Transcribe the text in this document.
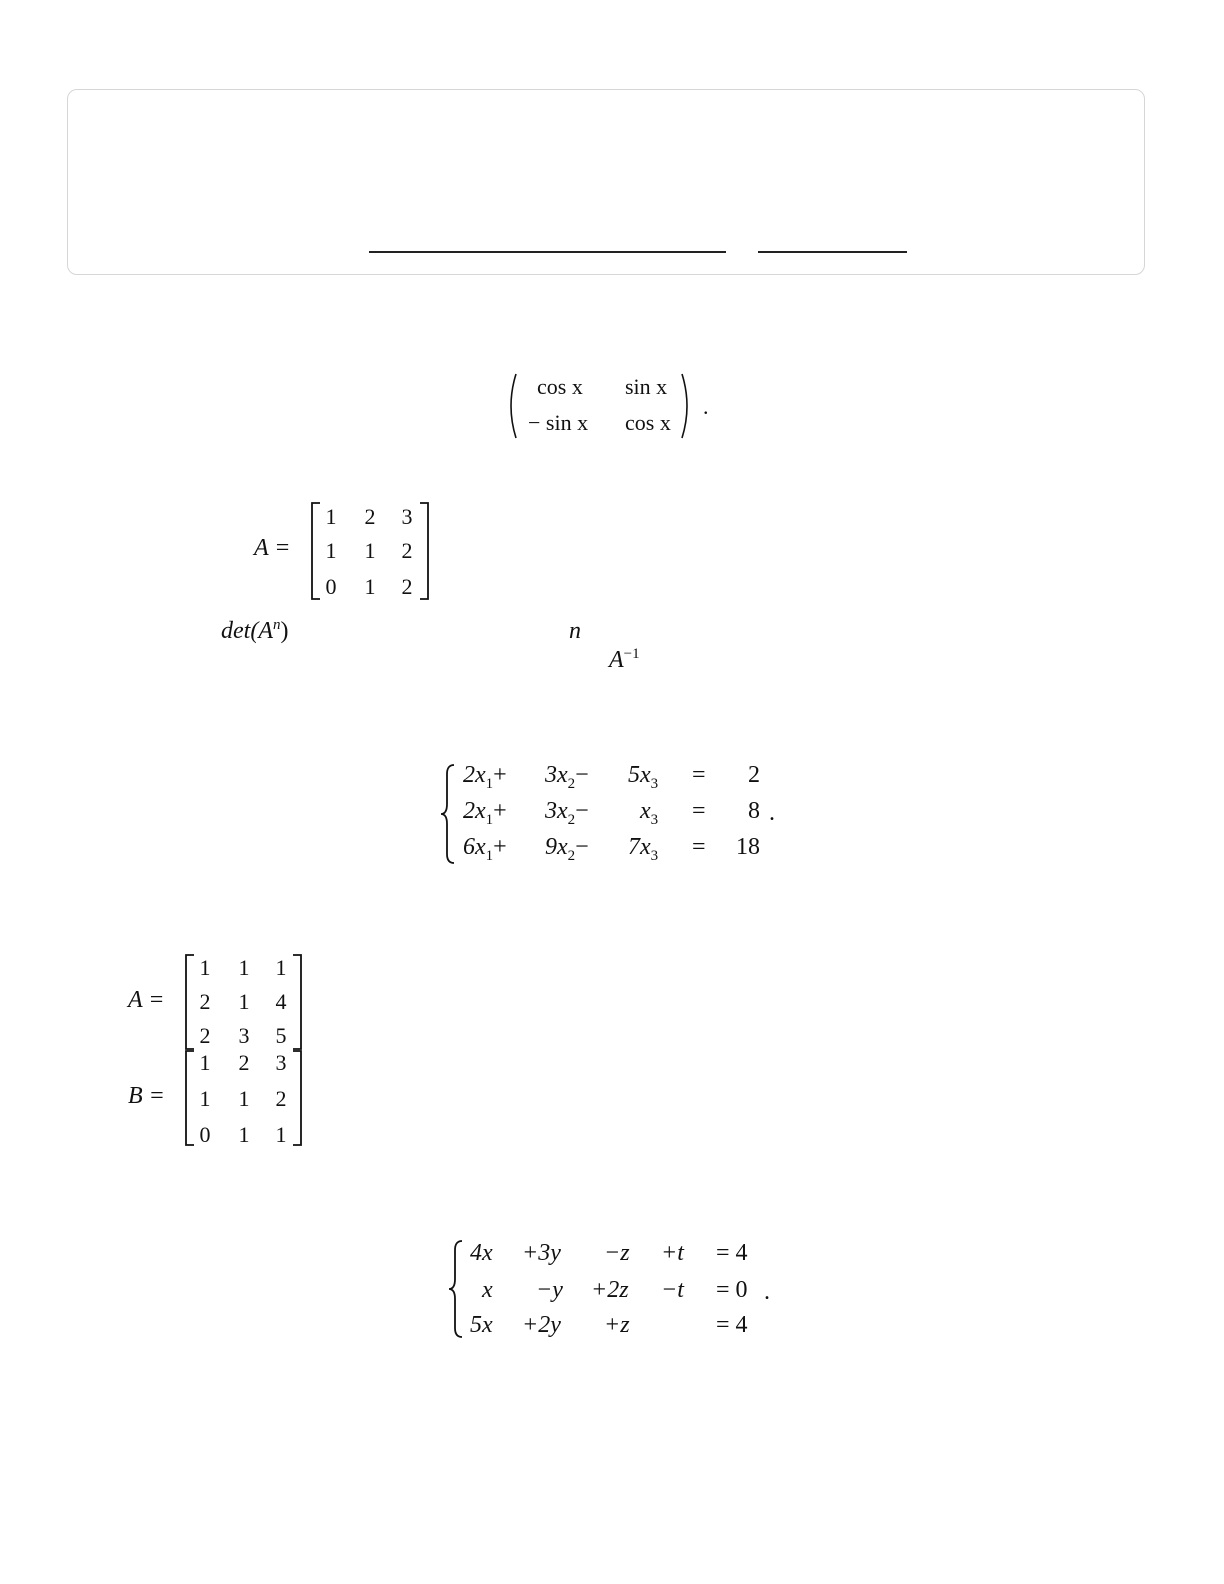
cos x sin x
− sin x cos x
.
A =
1	2	3
1	1	2
0	1	2
$\det(A^n)$	n
$A^{-1}$
$2x_1+ 3x_2- 5x_3 = 2$
$2x_1+ 3x_2- x_3 = 8$ .
$6x_1+ 9x_2- 7x_3 = 18$
A =
1	1	1
2	1	4
2	3	5
B =
1	2	3
1	1	2
0	1	1
4x +3y −z +t = 4
x −y +2z −t = 0 .
5x +2y +z	= 4
